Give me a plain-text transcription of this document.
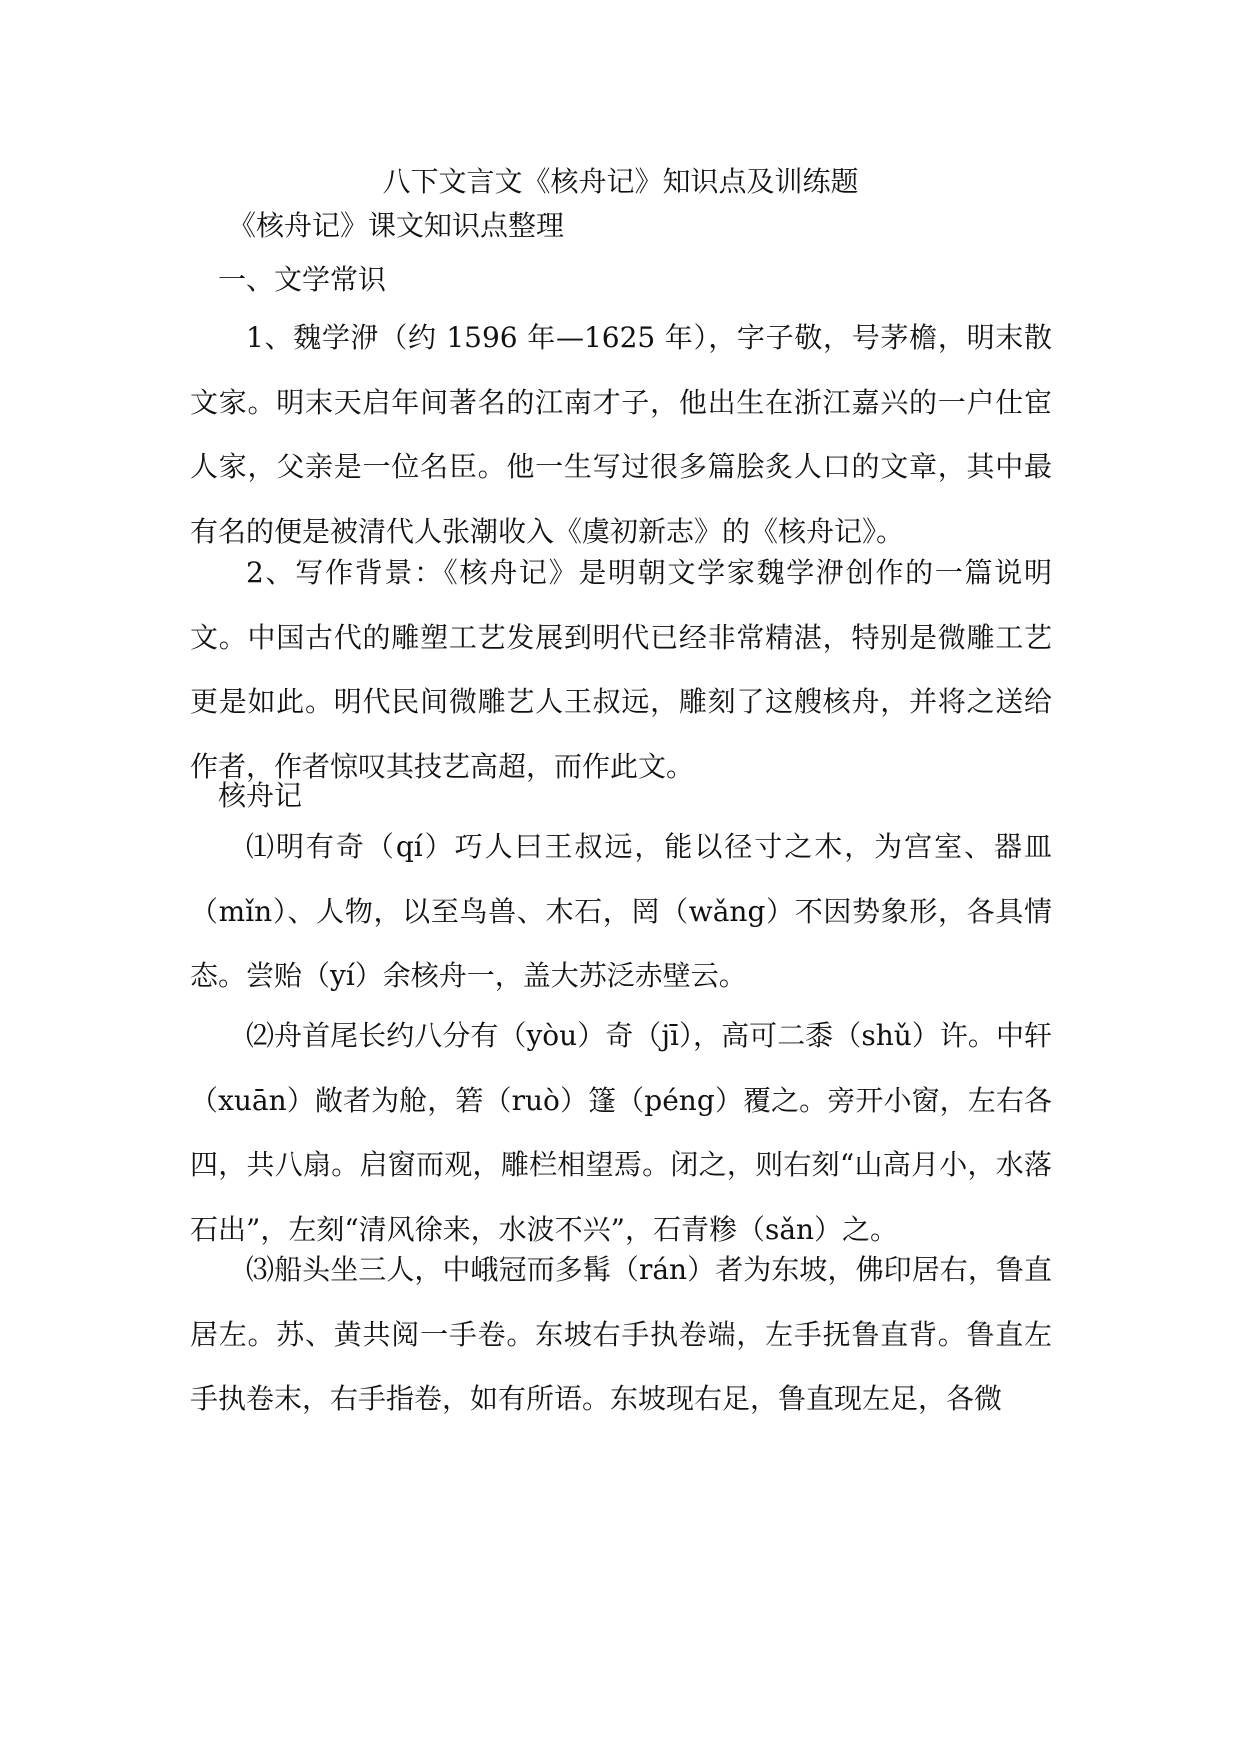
八下文言文《核舟记》知识点及训练题
《核舟记》课文知识点整理
一、文学常识
1、魏学洢（约 1596 年—1625 年），字子敬，号茅檐，明末散文家。明末天启年间著名的江南才子，他出生在浙江嘉兴的一户仕宦人家，父亲是一位名臣。他一生写过很多篇脍炙人口的文章，其中最有名的便是被清代人张潮收入《虞初新志》的《核舟记》。
2、写作背景：《核舟记》是明朝文学家魏学洢创作的一篇说明文。中国古代的雕塑工艺发展到明代已经非常精湛，特别是微雕工艺更是如此。明代民间微雕艺人王叔远，雕刻了这艘核舟，并将之送给作者，作者惊叹其技艺高超，而作此文。
核舟记
⑴明有奇（qí）巧人曰王叔远，能以径寸之木，为宫室、器皿（mǐn）、人物，以至鸟兽、木石，罔（wǎng）不因势象形，各具情态。尝贻（yí）余核舟一，盖大苏泛赤壁云。
⑵舟首尾长约八分有（yòu）奇（jī），高可二黍（shǔ）许。中轩（xuān）敞者为舱，箬（ruò）篷（péng）覆之。旁开小窗，左右各四，共八扇。启窗而观，雕栏相望焉。闭之，则右刻“山高月小，水落石出”，左刻“清风徐来，水波不兴”，石青糁（sǎn）之。
⑶船头坐三人，中峨冠而多髯（rán）者为东坡，佛印居右，鲁直居左。苏、黄共阅一手卷。东坡右手执卷端，左手抚鲁直背。鲁直左手执卷末，右手指卷，如有所语。东坡现右足，鲁直现左足，各微
